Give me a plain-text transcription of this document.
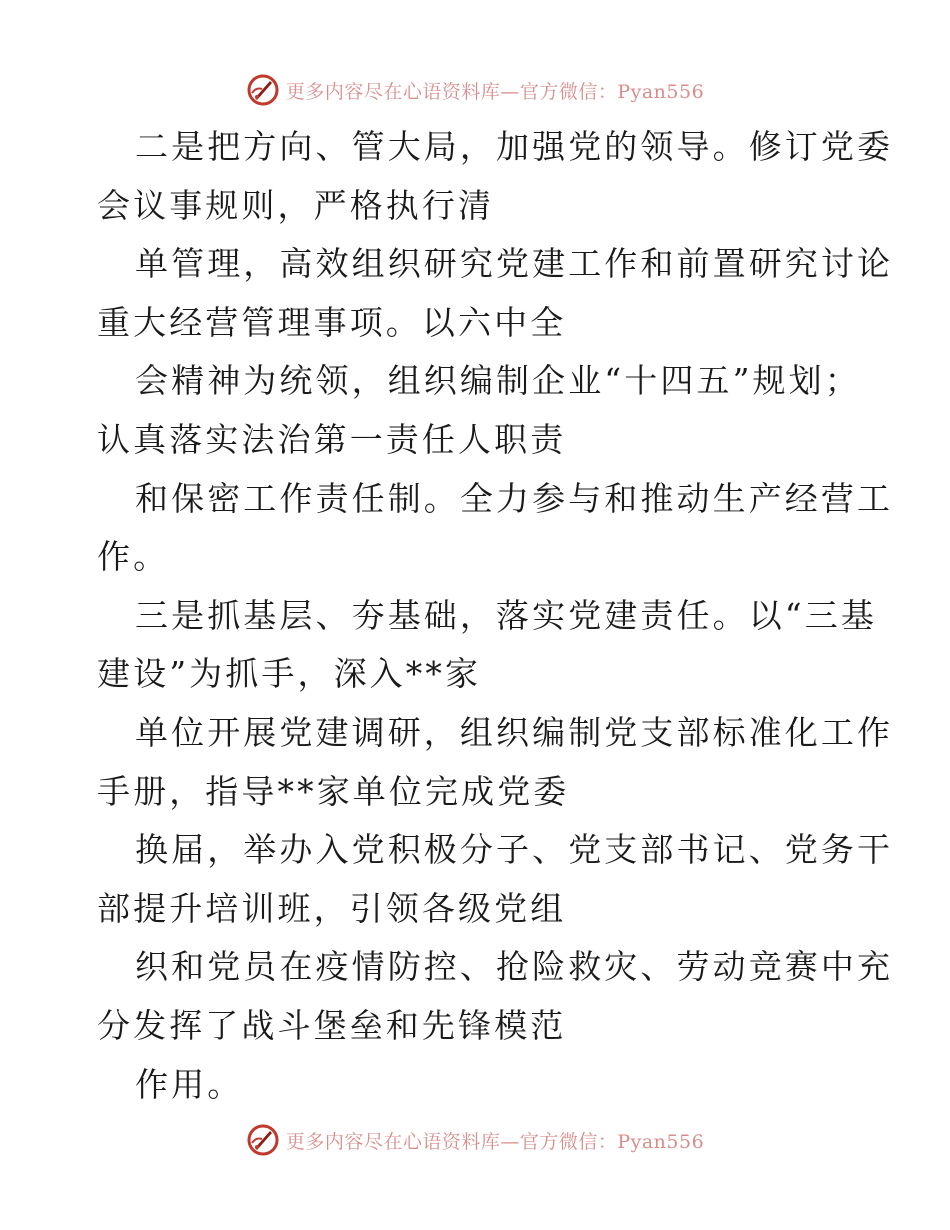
更多内容尽在心语资料库—官方微信：Pyan556
二是把方向、管大局，加强党的领导。修订党委
会议事规则，严格执行清
单管理，高效组织研究党建工作和前置研究讨论
重大经营管理事项。以六中全
会精神为统领，组织编制企业“十四五”规划；
认真落实法治第一责任人职责
和保密工作责任制。全力参与和推动生产经营工
作。
三是抓基层、夯基础，落实党建责任。以“三基
建设”为抓手，深入**家
单位开展党建调研，组织编制党支部标准化工作
手册，指导**家单位完成党委
换届，举办入党积极分子、党支部书记、党务干
部提升培训班，引领各级党组
织和党员在疫情防控、抢险救灾、劳动竞赛中充
分发挥了战斗堡垒和先锋模范
作用。
更多内容尽在心语资料库—官方微信：Pyan556
